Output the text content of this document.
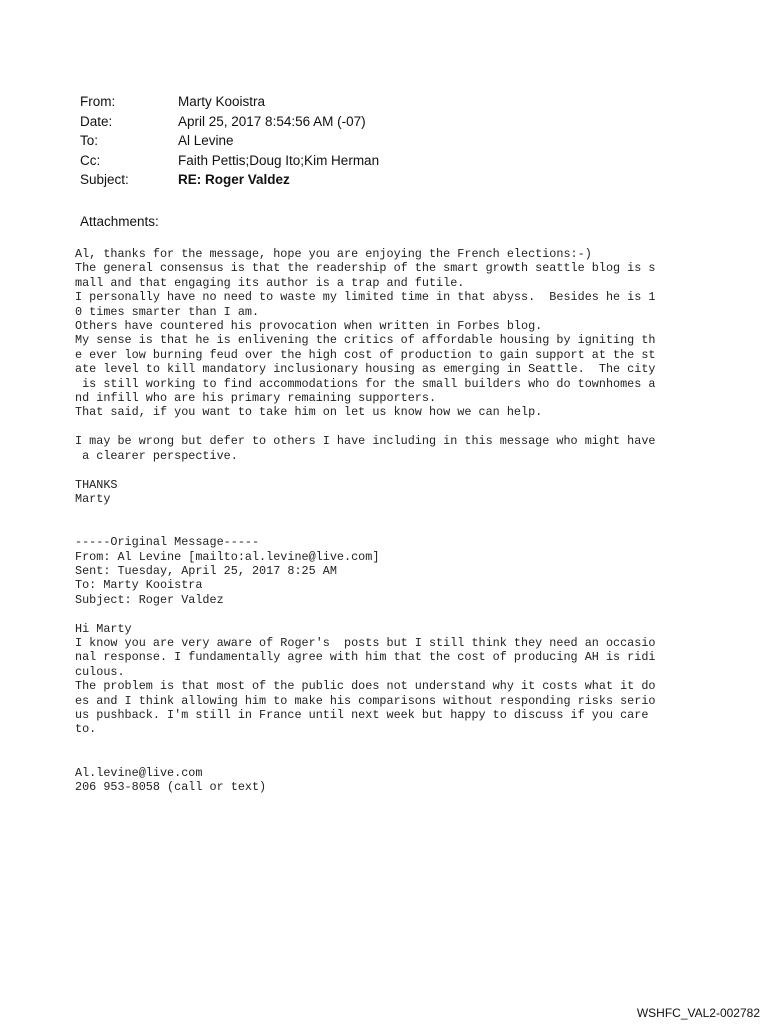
From:	Marty Kooistra
Date:	April 25, 2017 8:54:56 AM (-07)
To:	Al Levine
Cc:	Faith Pettis;Doug Ito;Kim Herman
Subject:	RE: Roger Valdez
Attachments:
Al, thanks for the message, hope you are enjoying the French elections:-)
The general consensus is that the readership of the smart growth seattle blog is s
mall and that engaging its author is a trap and futile.
I personally have no need to waste my limited time in that abyss.  Besides he is 1
0 times smarter than I am.
Others have countered his provocation when written in Forbes blog.
My sense is that he is enlivening the critics of affordable housing by igniting th
e ever low burning feud over the high cost of production to gain support at the st
ate level to kill mandatory inclusionary housing as emerging in Seattle.  The city
is still working to find accommodations for the small builders who do townhomes a
nd infill who are his primary remaining supporters.
That said, if you want to take him on let us know how we can help.

I may be wrong but defer to others I have including in this message who might have
a clearer perspective.

THANKS
Marty

-----Original Message-----
From: Al Levine [mailto:al.levine@live.com]
Sent: Tuesday, April 25, 2017 8:25 AM
To: Marty Kooistra
Subject: Roger Valdez

Hi Marty
I know you are very aware of Roger's  posts but I still think they need an occasio
nal response. I fundamentally agree with him that the cost of producing AH is ridi
culous.
The problem is that most of the public does not understand why it costs what it do
es and I think allowing him to make his comparisons without responding risks serio
us pushback. I'm still in France until next week but happy to discuss if you care
to.

Al.levine@live.com
206 953-8058 (call or text)
WSHFC_VAL2-002782
